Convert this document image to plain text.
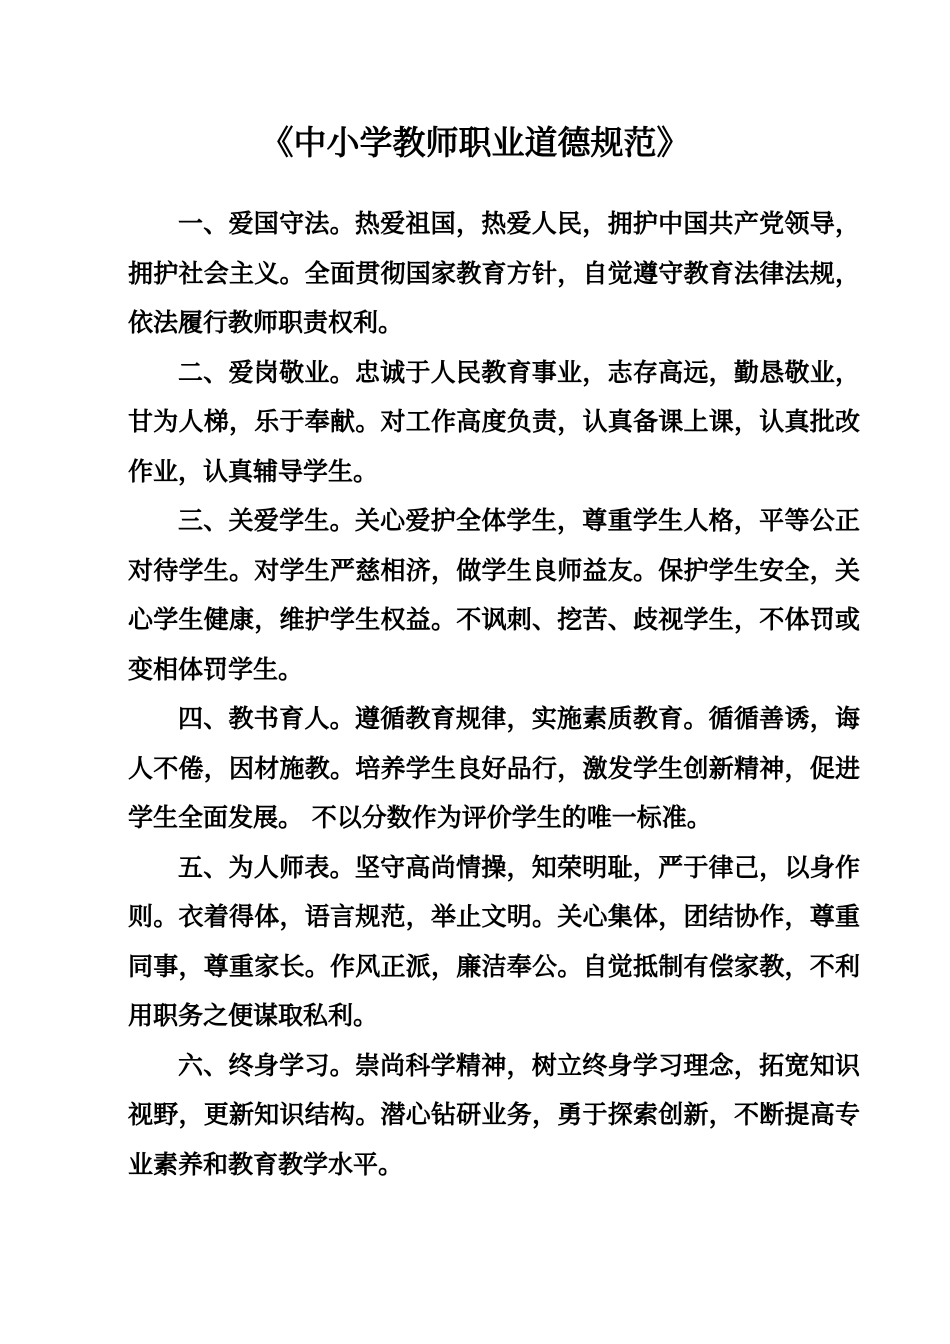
《中小学教师职业道德规范》

一、爱国守法。热爱祖国，热爱人民，拥护中国共产党领导，拥护社会主义。全面贯彻国家教育方针，自觉遵守教育法律法规，依法履行教师职责权利。

二、爱岗敬业。忠诚于人民教育事业，志存高远，勤恳敬业，甘为人梯，乐于奉献。对工作高度负责，认真备课上课，认真批改作业，认真辅导学生。

三、关爱学生。关心爱护全体学生，尊重学生人格，平等公正对待学生。对学生严慈相济，做学生良师益友。保护学生安全，关心学生健康，维护学生权益。不讽刺、挖苦、歧视学生，不体罚或变相体罚学生。

四、教书育人。遵循教育规律，实施素质教育。循循善诱，诲人不倦，因材施教。培养学生良好品行，激发学生创新精神，促进学生全面发展。 不以分数作为评价学生的唯一标准。

五、为人师表。坚守高尚情操，知荣明耻，严于律己，以身作则。衣着得体，语言规范，举止文明。关心集体，团结协作，尊重同事，尊重家长。作风正派，廉洁奉公。自觉抵制有偿家教，不利用职务之便谋取私利。

六、终身学习。崇尚科学精神，树立终身学习理念，拓宽知识视野，更新知识结构。潜心钻研业务，勇于探索创新，不断提高专业素养和教育教学水平。
